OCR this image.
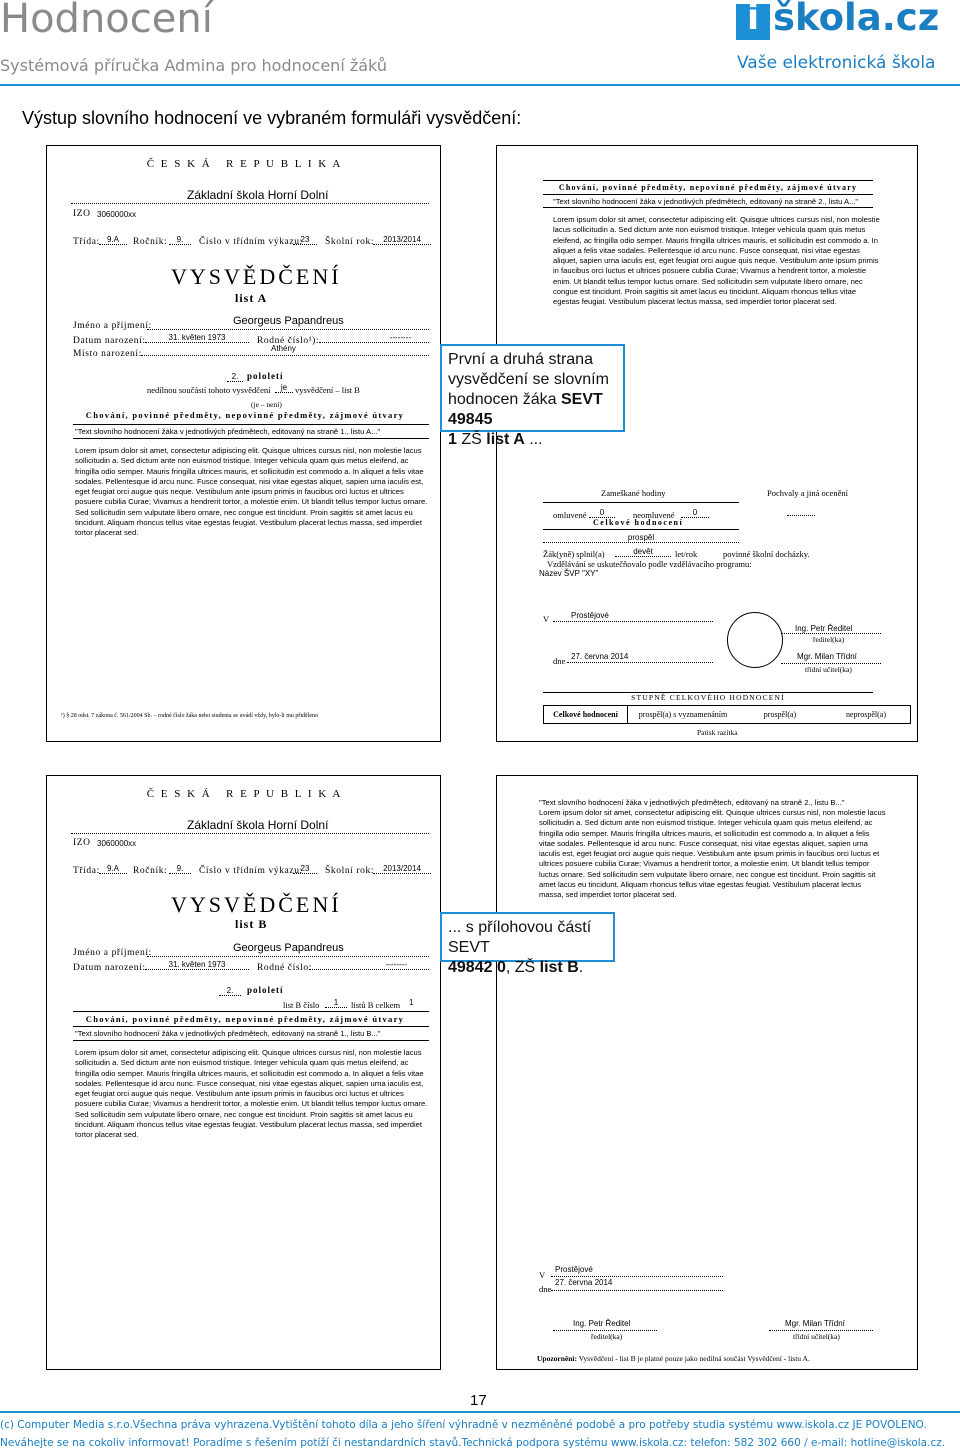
Hodnocení
Systémová příručka Admina pro hodnocení žáků
i škola.cz
Vaše elektronická škola
Výstup slovního hodnocení ve vybraném formuláři vysvědčení:
Č E S K Á   R E P U B L I K A
Základní škola Horní Dolní
IZO 3060000xx
Třída: 9.A	Ročník:	9.	Číslo v třídním výkazu:
23	Školní rok:	2013/2014
VYSVĚDČENÍ
list A
Jméno a příjmení:	Georgeus Papandreus
Datum narození:	31. květen 1973	Rodné číslo¹):	--------
Místo narození:
Athény
2. pololetí
nedílnou součástí tohoto vysvědčení	je vysvědčení – list B
(je – není)
Chování, povinné předměty, nepovinné předměty, zájmové útvary
"Text slovního hodnocení žáka v jednotlivých předmětech, editovaný na straně 1., listu A..."
Lorem ipsum dolor sit amet, consectetur adipiscing elit. Quisque ultrices cursus nisl, non molestie lacus sollicitudin a. Sed dictum ante non euismod tristique. Integer vehicula quam quis metus eleifend, ac fringilla odio semper. Mauris fringilla ultrices mauris, et sollicitudin est commodo a. In aliquet a felis vitae sodales. Pellentesque id arcu nunc. Fusce consequat, nisi vitae egestas aliquet, sapien urna iaculis est, eget feugiat orci augue quis neque. Vestibulum ante ipsum primis in faucibus orci luctus et ultrices posuere cubilia Curae; Vivamus a hendrerit tortor, a molestie enim. Ut blandit tellus tempor luctus ornare. Sed sollicitudin sem vulputate libero ornare, nec congue est tincidunt. Proin sagittis sit amet lacus eu tincidunt. Aliquam rhoncus tellus vitae egestas feugiat. Vestibulum placerat lectus massa, sed imperdiet tortor placerat sed.
¹) § 28 odst. 7 zákona č. 561/2004 Sb. – rodné číslo žáka nebo studenta se uvádí vždy, bylo-li mu přiděleno
Chování, povinné předměty, nepovinné předměty, zájmové útvary
"Text slovního hodnocení žáka v jednotlivých předmětech, editovaný na straně 2., listu A..."
Lorem ipsum dolor sit amet, consectetur adipiscing elit. Quisque ultrices cursus nisl, non molestie lacus sollicitudin a. Sed dictum ante non euismod tristique. Integer vehicula quam quis metus eleifend, ac fringilla odio semper. Mauris fringilla ultrices mauris, et sollicitudin est commodo a. In aliquet a felis vitae sodales. Pellentesque id arcu nunc. Fusce consequat, nisi vitae egestas aliquet, sapien urna iaculis est, eget feugiat orci augue quis neque. Vestibulum ante ipsum primis in faucibus orci luctus et ultrices posuere cubilia Curae; Vivamus a hendrerit tortor, a molestie enim. Ut blandit tellus tempor luctus ornare. Sed sollicitudin sem vulputate libero ornare, nec congue est tincidunt. Proin sagittis sit amet lacus eu tincidunt. Aliquam rhoncus tellus vitae egestas feugiat. Vestibulum placerat lectus massa, sed imperdiet tortor placerat sed.
Zameškané hodiny	Pochvaly a jiná ocenění
omluvené	0	neomluvené	0
Celkové hodnocení
prospěl
Žák(yně) splnil(a)	devět	let/rok	povinné školní docházky.
Vzdělávání se uskutečňovalo podle vzdělávacího programu:
Název ŠVP "XY"
V	Prostějové
Ing. Petr Ředitel
ředitel(ka)
dne 27. června 2014	Mgr. Milan Třídní
třídní učitel(ka)
STUPNĚ CELKOVÉHO HODNOCENÍ
Celkové hodnocení	prospěl(a) s vyznamenáním	prospěl(a)	neprospěl(a)
Patisk razítka
První a druhá strana
vysvědčení se slovním
hodnocen žáka SEVT 49845
1 ZŠ list A ...
Č E S K Á   R E P U B L I K A
Základní škola Horní Dolní
IZO 3060000xx
Třída: 9.A	Ročník:	9.	Číslo v třídním výkazu:
23	Školní rok:	2013/2014
VYSVĚDČENÍ
list B
Jméno a příjmení:	Georgeus Papandreus
Datum narození:	31. květen 1973	Rodné číslo:	--------
2.	pololetí
list B číslo	1	listů B celkem 1
Chování, povinné předměty, nepovinné předměty, zájmové útvary
"Text slovního hodnocení žáka v jednotlivých předmětech, editovaný na straně 1., listu B..."
Lorem ipsum dolor sit amet, consectetur adipiscing elit. Quisque ultrices cursus nisl, non molestie lacus sollicitudin a. Sed dictum ante non euismod tristique. Integer vehicula quam quis metus eleifend, ac fringilla odio semper. Mauris fringilla ultrices mauris, et sollicitudin est commodo a. In aliquet a felis vitae sodales. Pellentesque id arcu nunc. Fusce consequat, nisi vitae egestas aliquet, sapien urna iaculis est, eget feugiat orci augue quis neque. Vestibulum ante ipsum primis in faucibus orci luctus et ultrices posuere cubilia Curae; Vivamus a hendrerit tortor, a molestie enim. Ut blandit tellus tempor luctus ornare. Sed sollicitudin sem vulputate libero ornare, nec congue est tincidunt. Proin sagittis sit amet lacus eu tincidunt. Aliquam rhoncus tellus vitae egestas feugiat. Vestibulum placerat lectus massa, sed imperdiet tortor placerat sed.
"Text slovního hodnocení žáka v jednotlivých předmětech, editovaný na straně 2., listu B..."
Lorem ipsum dolor sit amet, consectetur adipiscing elit. Quisque ultrices cursus nisl, non molestie lacus sollicitudin a. Sed dictum ante non euismod tristique. Integer vehicula quam quis metus eleifend, ac fringilla odio semper. Mauris fringilla ultrices mauris, et sollicitudin est commodo a. In aliquet a felis vitae sodales. Pellentesque id arcu nunc. Fusce consequat, nisi vitae egestas aliquet, sapien urna iaculis est, eget feugiat orci augue quis neque. Vestibulum ante ipsum primis in faucibus orci luctus et ultrices posuere cubilia Curae; Vivamus a hendrerit tortor, a molestie enim. Ut blandit tellus tempor luctus ornare. Sed sollicitudin sem vulputate libero ornare, nec congue est tincidunt. Proin sagittis sit amet lacus eu tincidunt. Aliquam rhoncus tellus vitae egestas feugiat. Vestibulum placerat lectus massa, sed imperdiet tortor placerat sed.
V
Prostějové
dne
27. června 2014
Ing. Petr Ředitel
ředitel(ka)
Mgr. Milan Třídní
třídní učitel(ka)
Upozornění: Vysvědčení - list B je platné pouze jako nedílná součást Vysvědčení - listu A.
... s přílohovou částí SEVT
49842 0, ZŠ list B.
17
(c) Computer Media s.r.o.Všechna práva vyhrazena.Vytištění tohoto díla a jeho šíření výhradně v nezměněné podobě a pro potřeby studia systému www.iskola.cz JE POVOLENO.
Neváhejte se na cokoliv informovat! Poradíme s řešením potíží či nestandardních stavů.Technická podpora systému www.iskola.cz: telefon: 582 302 660 / e-mail: hotline@iskola.cz.
